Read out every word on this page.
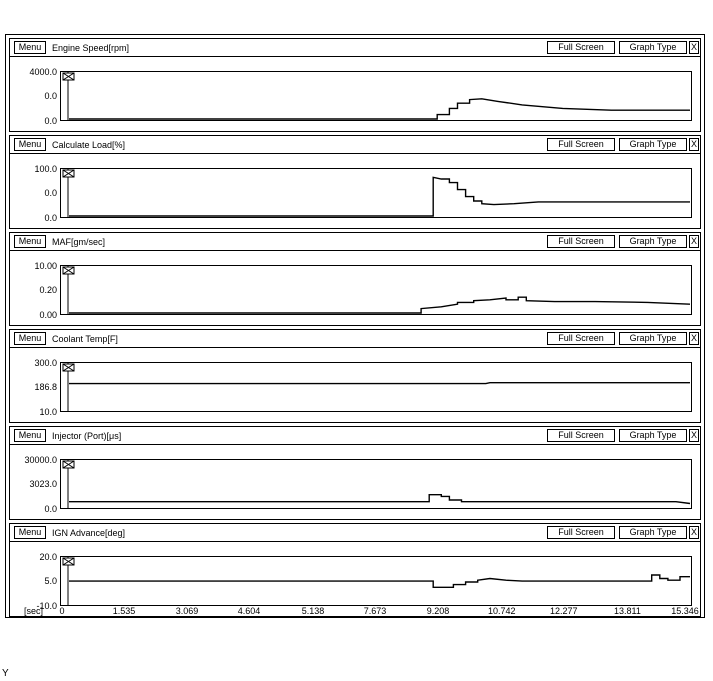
Menu	Engine Speed[rpm]	Full Screen	Graph Type	X
4000.0
0.0
0.0
Menu	Calculate Load[%]	Full Screen	Graph Type	X
100.0
0.0
0.0
Menu	MAF[gm/sec]	Full Screen	Graph Type	X
10.00
0.20
0.00
Menu	Coolant Temp[F]	Full Screen	Graph Type	X
300.0
186.8
10.0
Menu	Injector (Port)[μs]	Full Screen	Graph Type	X
30000.0
3023.0
0.0
Menu	IGN Advance[deg]	Full Screen	Graph Type	X
20.0
5.0
-10.0
[sec]	0	1.535	3.069	4.604	5.138	7.673	9.208	10.742	12.277	13.811	15.346
Y
